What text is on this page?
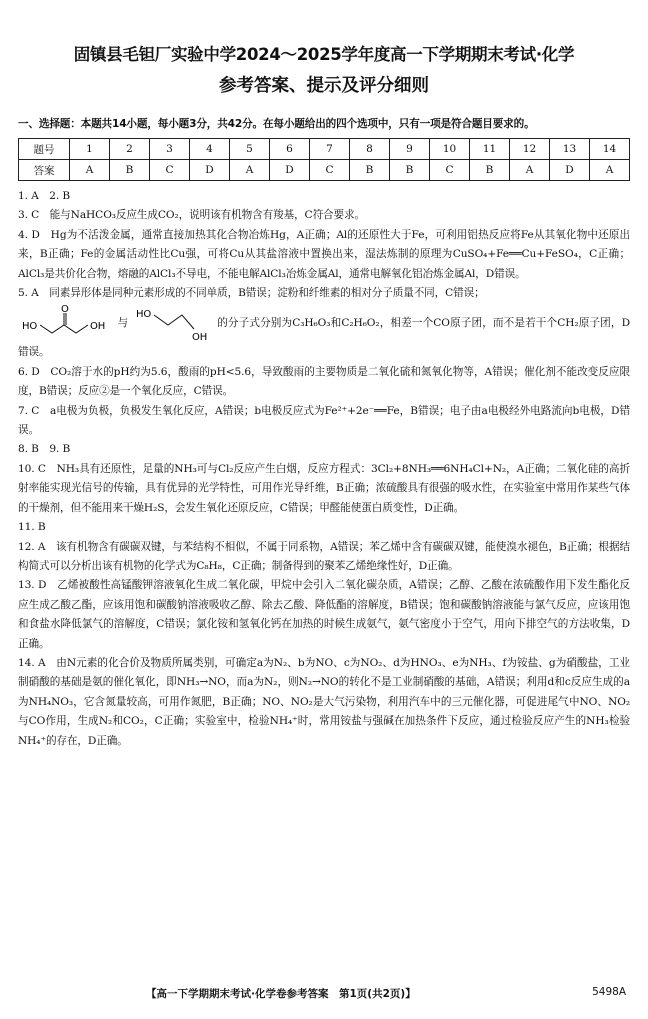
固镇县毛钽厂实验中学2024～2025学年度高一下学期期末考试·化学
参考答案、提示及评分细则
一、选择题：本题共14小题，每小题3分，共42分。在每小题给出的四个选项中，只有一项是符合题目要求的。
题号	1	2	3	4	5	6	7	8	9	10	11	12	13	14
答案	A	B	C	D	A	D	C	B	B	C	B	A	D	A
1. A　2. B
3. C　能与NaHCO₃反应生成CO₂，说明该有机物含有羧基，C符合要求。
4. D　Hg为不活泼金属，通常直接加热其化合物冶炼Hg，A正确；Al的还原性大于Fe，可利用铝热反应将Fe从其氧化物中还原出来，B正确；Fe的金属活动性比Cu强，可将Cu从其盐溶液中置换出来，湿法炼制的原理为CuSO₄+Fe══Cu+FeSO₄，C正确；AlCl₃是共价化合物，熔融的AlCl₃不导电，不能电解AlCl₃冶炼金属Al，通常电解氧化铝冶炼金属Al，D错误。
5. A　同素异形体是同种元素形成的不同单质，B错误；淀粉和纤维素的相对分子质量不同，C错误；

HO
O
OH 与
HO
OH
的分子式分别为C₃H₆O₃和C₂H₆O₂，相差一个CO原子团，而不是若干个CH₂原子团，D错误。
6. D　CO₂溶于水的pH约为5.6，酸雨的pH<5.6，导致酸雨的主要物质是二氧化硫和氮氧化物等，A错误；催化剂不能改变反应限度，B错误；反应②是一个氧化反应，C错误。
7. C　a电极为负极，负极发生氧化反应，A错误；b电极反应式为Fe²⁺+2e⁻══Fe，B错误；电子由a电极经外电路流向b电极，D错误。
8. B　9. B
10. C　NH₃具有还原性，足量的NH₃可与Cl₂反应产生白烟，反应方程式：3Cl₂+8NH₃══6NH₄Cl+N₂，A正确；二氧化硅的高折射率能实现光信号的传输，具有优异的光学特性，可用作光导纤维，B正确；浓硫酸具有很强的吸水性，在实验室中常用作某些气体的干燥剂，但不能用来干燥H₂S，会发生氧化还原反应，C错误；甲醛能使蛋白质变性，D正确。
11. B
12. A　该有机物含有碳碳双键，与苯结构不相似，不属于同系物，A错误；苯乙烯中含有碳碳双键，能使溴水褪色，B正确；根据结构简式可以分析出该有机物的化学式为C₈H₈，C正确；制备得到的聚苯乙烯绝缘性好，D正确。
13. D　乙烯被酸性高锰酸钾溶液氧化生成二氧化碳，甲烷中会引入二氧化碳杂质，A错误；乙醇、乙酸在浓硫酸作用下发生酯化反应生成乙酸乙酯，应该用饱和碳酸钠溶液吸收乙醇、除去乙酸、降低酯的溶解度，B错误；饱和碳酸钠溶液能与氯气反应，应该用饱和食盐水降低氯气的溶解度，C错误；氯化铵和氢氧化钙在加热的时候生成氨气，氨气密度小于空气，用向下排空气的方法收集，D正确。
14. A　由N元素的化合价及物质所属类别，可确定a为N₂、b为NO、c为NO₂、d为HNO₃、e为NH₃、f为铵盐、g为硝酸盐，工业制硝酸的基础是氨的催化氧化，即NH₃→NO，而a为N₂，则N₂→NO的转化不是工业制硝酸的基础，A错误；利用d和c反应生成的a为NH₄NO₃，它含氮量较高，可用作氮肥，B正确；NO、NO₂是大气污染物，利用汽车中的三元催化器，可促进尾气中NO、NO₂与CO作用，生成N₂和CO₂，C正确；实验室中，检验NH₄⁺时，常用铵盐与强碱在加热条件下反应，通过检验反应产生的NH₃检验NH₄⁺的存在，D正确。
【高一下学期期末考试·化学卷参考答案　第1页(共2页)】	5498A
